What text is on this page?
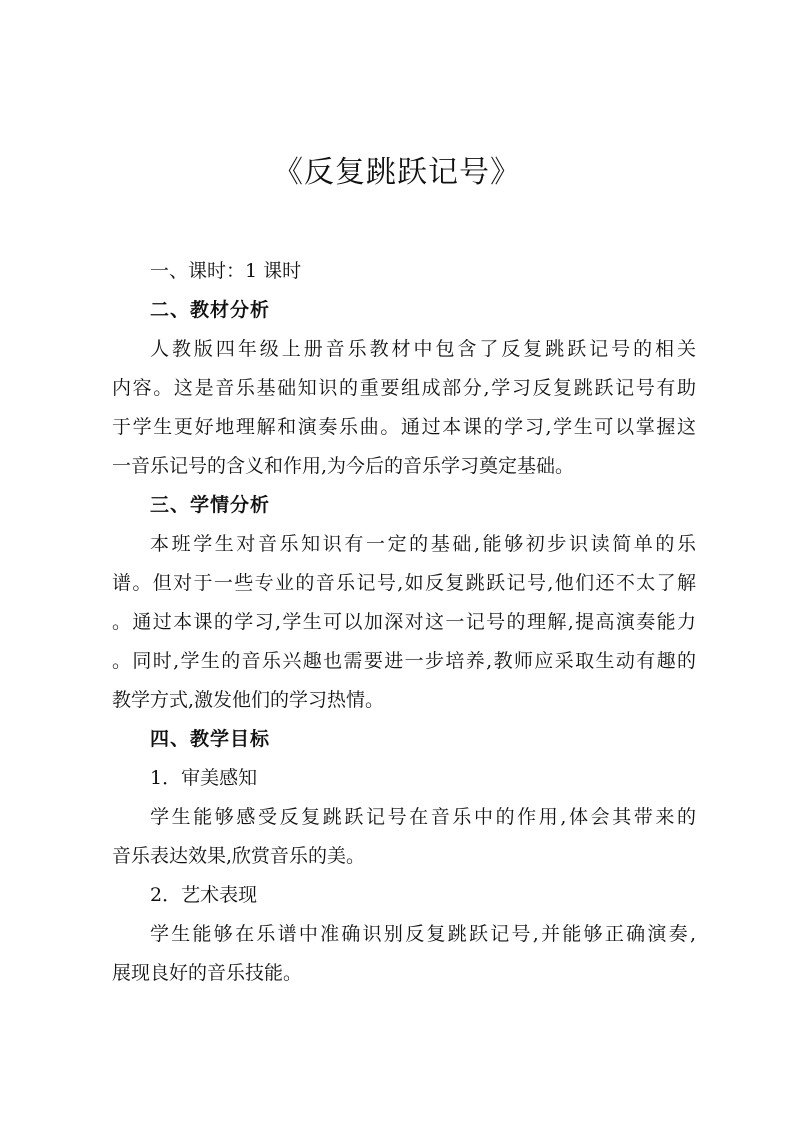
《反复跳跃记号》

一、课时：1 课时

二、教材分析

人教版四年级上册音乐教材中包含了反复跳跃记号的相关

内容。这是音乐基础知识的重要组成部分,学习反复跳跃记号有助

于学生更好地理解和演奏乐曲。通过本课的学习,学生可以掌握这

一音乐记号的含义和作用,为今后的音乐学习奠定基础。

三、学情分析

本班学生对音乐知识有一定的基础,能够初步识读简单的乐

谱。但对于一些专业的音乐记号,如反复跳跃记号,他们还不太了解

。通过本课的学习,学生可以加深对这一记号的理解,提高演奏能力

。同时,学生的音乐兴趣也需要进一步培养,教师应采取生动有趣的

教学方式,激发他们的学习热情。

四、教学目标

1．审美感知

学生能够感受反复跳跃记号在音乐中的作用,体会其带来的

音乐表达效果,欣赏音乐的美。

2．艺术表现

学生能够在乐谱中准确识别反复跳跃记号,并能够正确演奏,

展现良好的音乐技能。
